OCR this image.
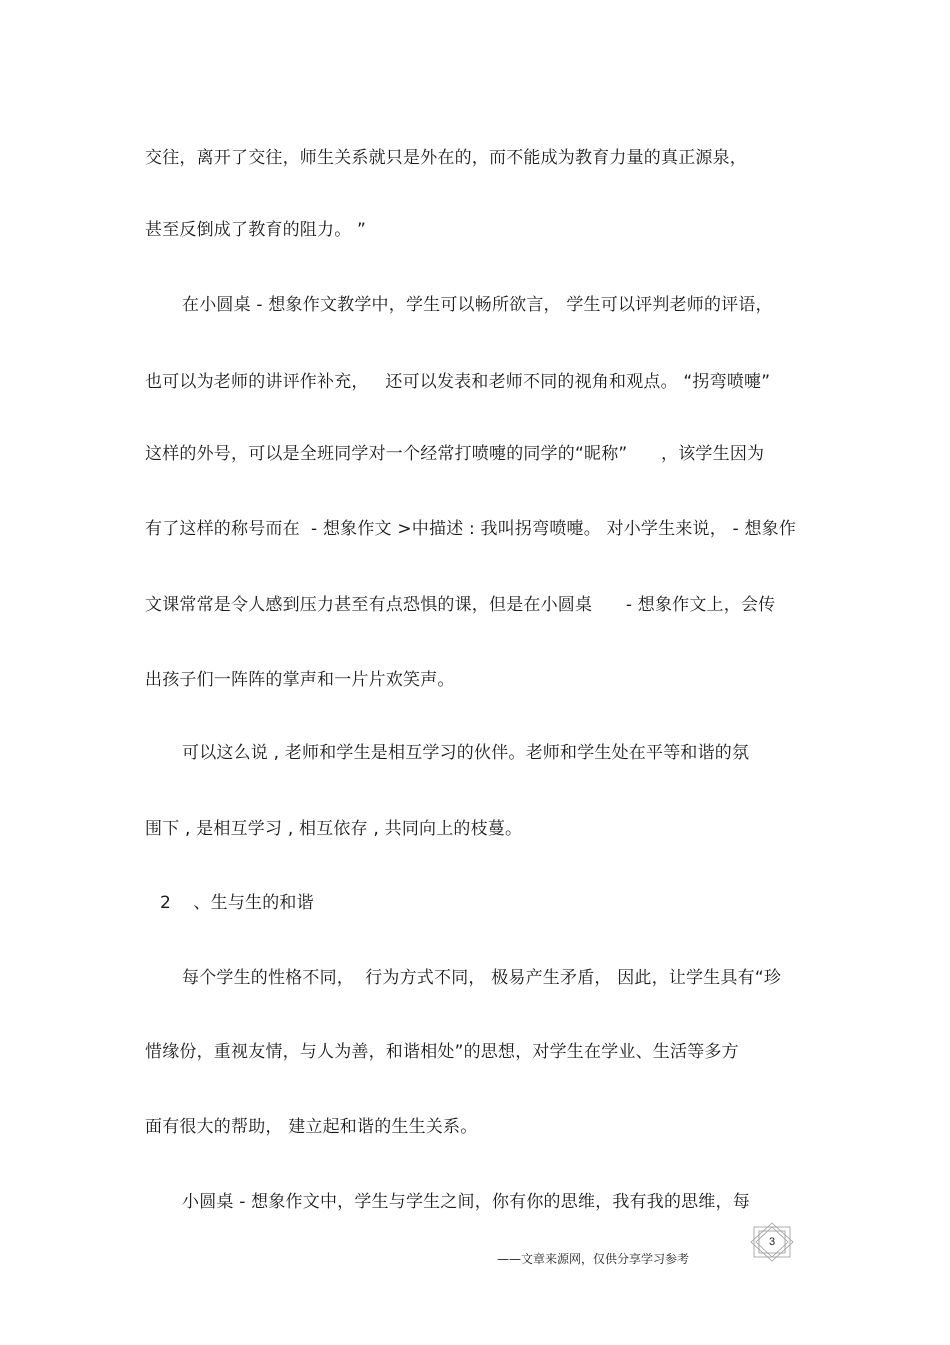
交往，离开了交往，师生关系就只是外在的，而不能成为教育力量的真正源泉，
甚至反倒成了教育的阻力。 ”
在小圆桌 - 想象作文教学中，学生可以畅所欲言， 学生可以评判老师的评语，
也可以为老师的讲评作补充，   还可以发表和老师不同的视角和观点。 “拐弯喷嚏”
这样的外号，可以是全班同学对一个经常打喷嚏的同学的“昵称”      ，该学生因为
有了这样的称号而在  - 想象作文 >中描述 : 我叫拐弯喷嚏。 对小学生来说， - 想象作
文课常常是令人感到压力甚至有点恐惧的课，但是在小圆桌      - 想象作文上，会传
出孩子们一阵阵的掌声和一片片欢笑声。
可以这么说 , 老师和学生是相互学习的伙伴。老师和学生处在平等和谐的氛
围下 , 是相互学习 , 相互依存 , 共同向上的枝蔓。
2    、生与生的和谐
每个学生的性格不同，  行为方式不同， 极易产生矛盾， 因此，让学生具有“珍
惜缘份，重视友情，与人为善，和谐相处”的思想，对学生在学业、生活等多方
面有很大的帮助， 建立起和谐的生生关系。
小圆桌 - 想象作文中，学生与学生之间，你有你的思维，我有我的思维，每
——文章来源网，仅供分享学习参考
3
